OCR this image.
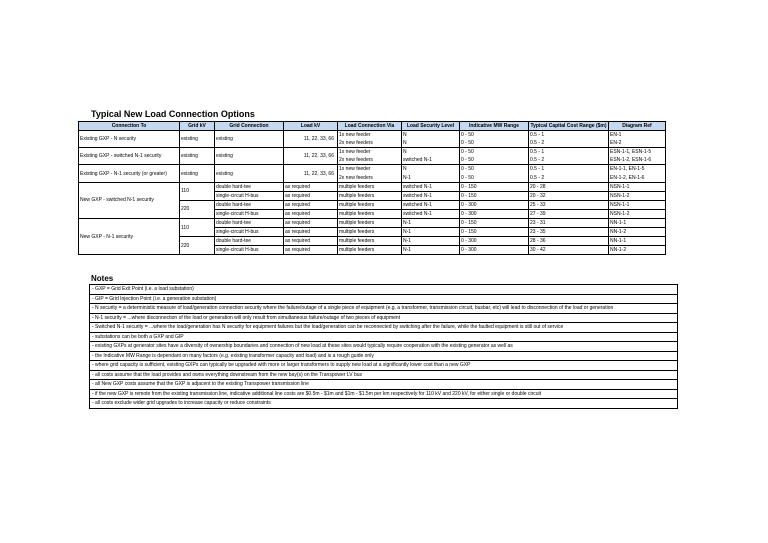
Typical New Load Connection Options
Connection To	Grid kV	Grid Connection	Load kV	Load Connection Via	Load Security Level	Indicative MW Range	Typical Capital Cost Range ($m)	Diagram Ref
Existing GXP - N security	existing	existing	11, 22, 33, 66	1x new feeder	N	0 - 50	0.5 - 1	EN-1
				2x new feeders	N	0 - 50	0.5 - 2	EN-2
Existing GXP - switched N-1 security	existing	existing	11, 22, 33, 66	1x new feeder	N	0 - 50	0.5 - 1	ESN-1-1, ESN-1-5
				2x new feeders	switched N-1	0 - 50	0.5 - 2	ESN-1-2, ESN-1-6
Existing GXP - N-1 security (or greater)	existing	existing	11, 22, 33, 66	1x new feeder	N	0 - 50	0.5 - 1	EN-1-1, EN-1-5
				2x new feeders	N-1	0 - 50	0.5 - 2	EN-1-2, EN-1-6
New GXP - switched N-1 security	110	double hard-tee	as required	multiple feeders	switched N-1	0 - 150	20 - 28	NSN-1-1
		single-circuit H-bus	as required	multiple feeders	switched N-1	0 - 150	20 - 32	NSN-1-2
	220	double hard-tee	as required	multiple feeders	switched N-1	0 - 300	25 - 33	NSN-1-1
		single-circuit H-bus	as required	multiple feeders	switched N-1	0 - 300	27 - 39	NSN-1-2
New GXP - N-1 security	110	double hard-tee	as required	multiple feeders	N-1	0 - 150	23 - 31	NN-1-1
		single-circuit H-bus	as required	multiple feeders	N-1	0 - 150	23 - 35	NN-1-2
	220	double hard-tee	as required	multiple feeders	N-1	0 - 300	28 - 36	NN-1-1
		single-circuit H-bus	as required	multiple feeders	N-1	0 - 300	30 - 42	NN-1-2
Notes
- GXP = Grid Exit Point (i.e. a load substation)
- GIP = Grid Injection Point (i.e. a generation substation)
- N security = a deterministic measure of load/generation connection security where the failure/outage of a single piece of equipment (e.g. a transformer, transmission circuit, busbar, etc) will lead to disconnection of the load or generation
- N-1 security = ...where disconnection of the load or generation will only result from simultaneous failure/outage of two pieces of equipment
- Switched N-1 security = ...where the load/generation has N security for equipment failures but the load/generation can be reconnected by switching after the failure, while the faulted equipment is still out of service
- substations can be both a GXP and GIP
- existing GXPs at generator sites have a diversity of ownership boundaries and connection of new load at these sites would typically require cooperation with the existing generator as well as
- the Indicative MW Range is dependant on many factors (e.g. existing transformer capacity and load) and is a rough guide only
- where grid capacity is sufficient, existing GXPs can typically be upgraded with more or larger transformers to supply new load at a significantly lower cost than a new GXP
- all costs assume that the load provides and owns everything downstream from the new bay(s) on the Transpower LV bus
- all New GXP costs assume that the GXP is adjacent to the existing Transpower transmission line
- if the new GXP is remote from the existing transmission line, indicative additional line costs are $0.5m - $1m and $1m - $1.5m per km respectively for 110 kV and 220 kV, for either single or double circuit
- all costs exclude wider grid upgrades to increase capacity or reduce constraints
